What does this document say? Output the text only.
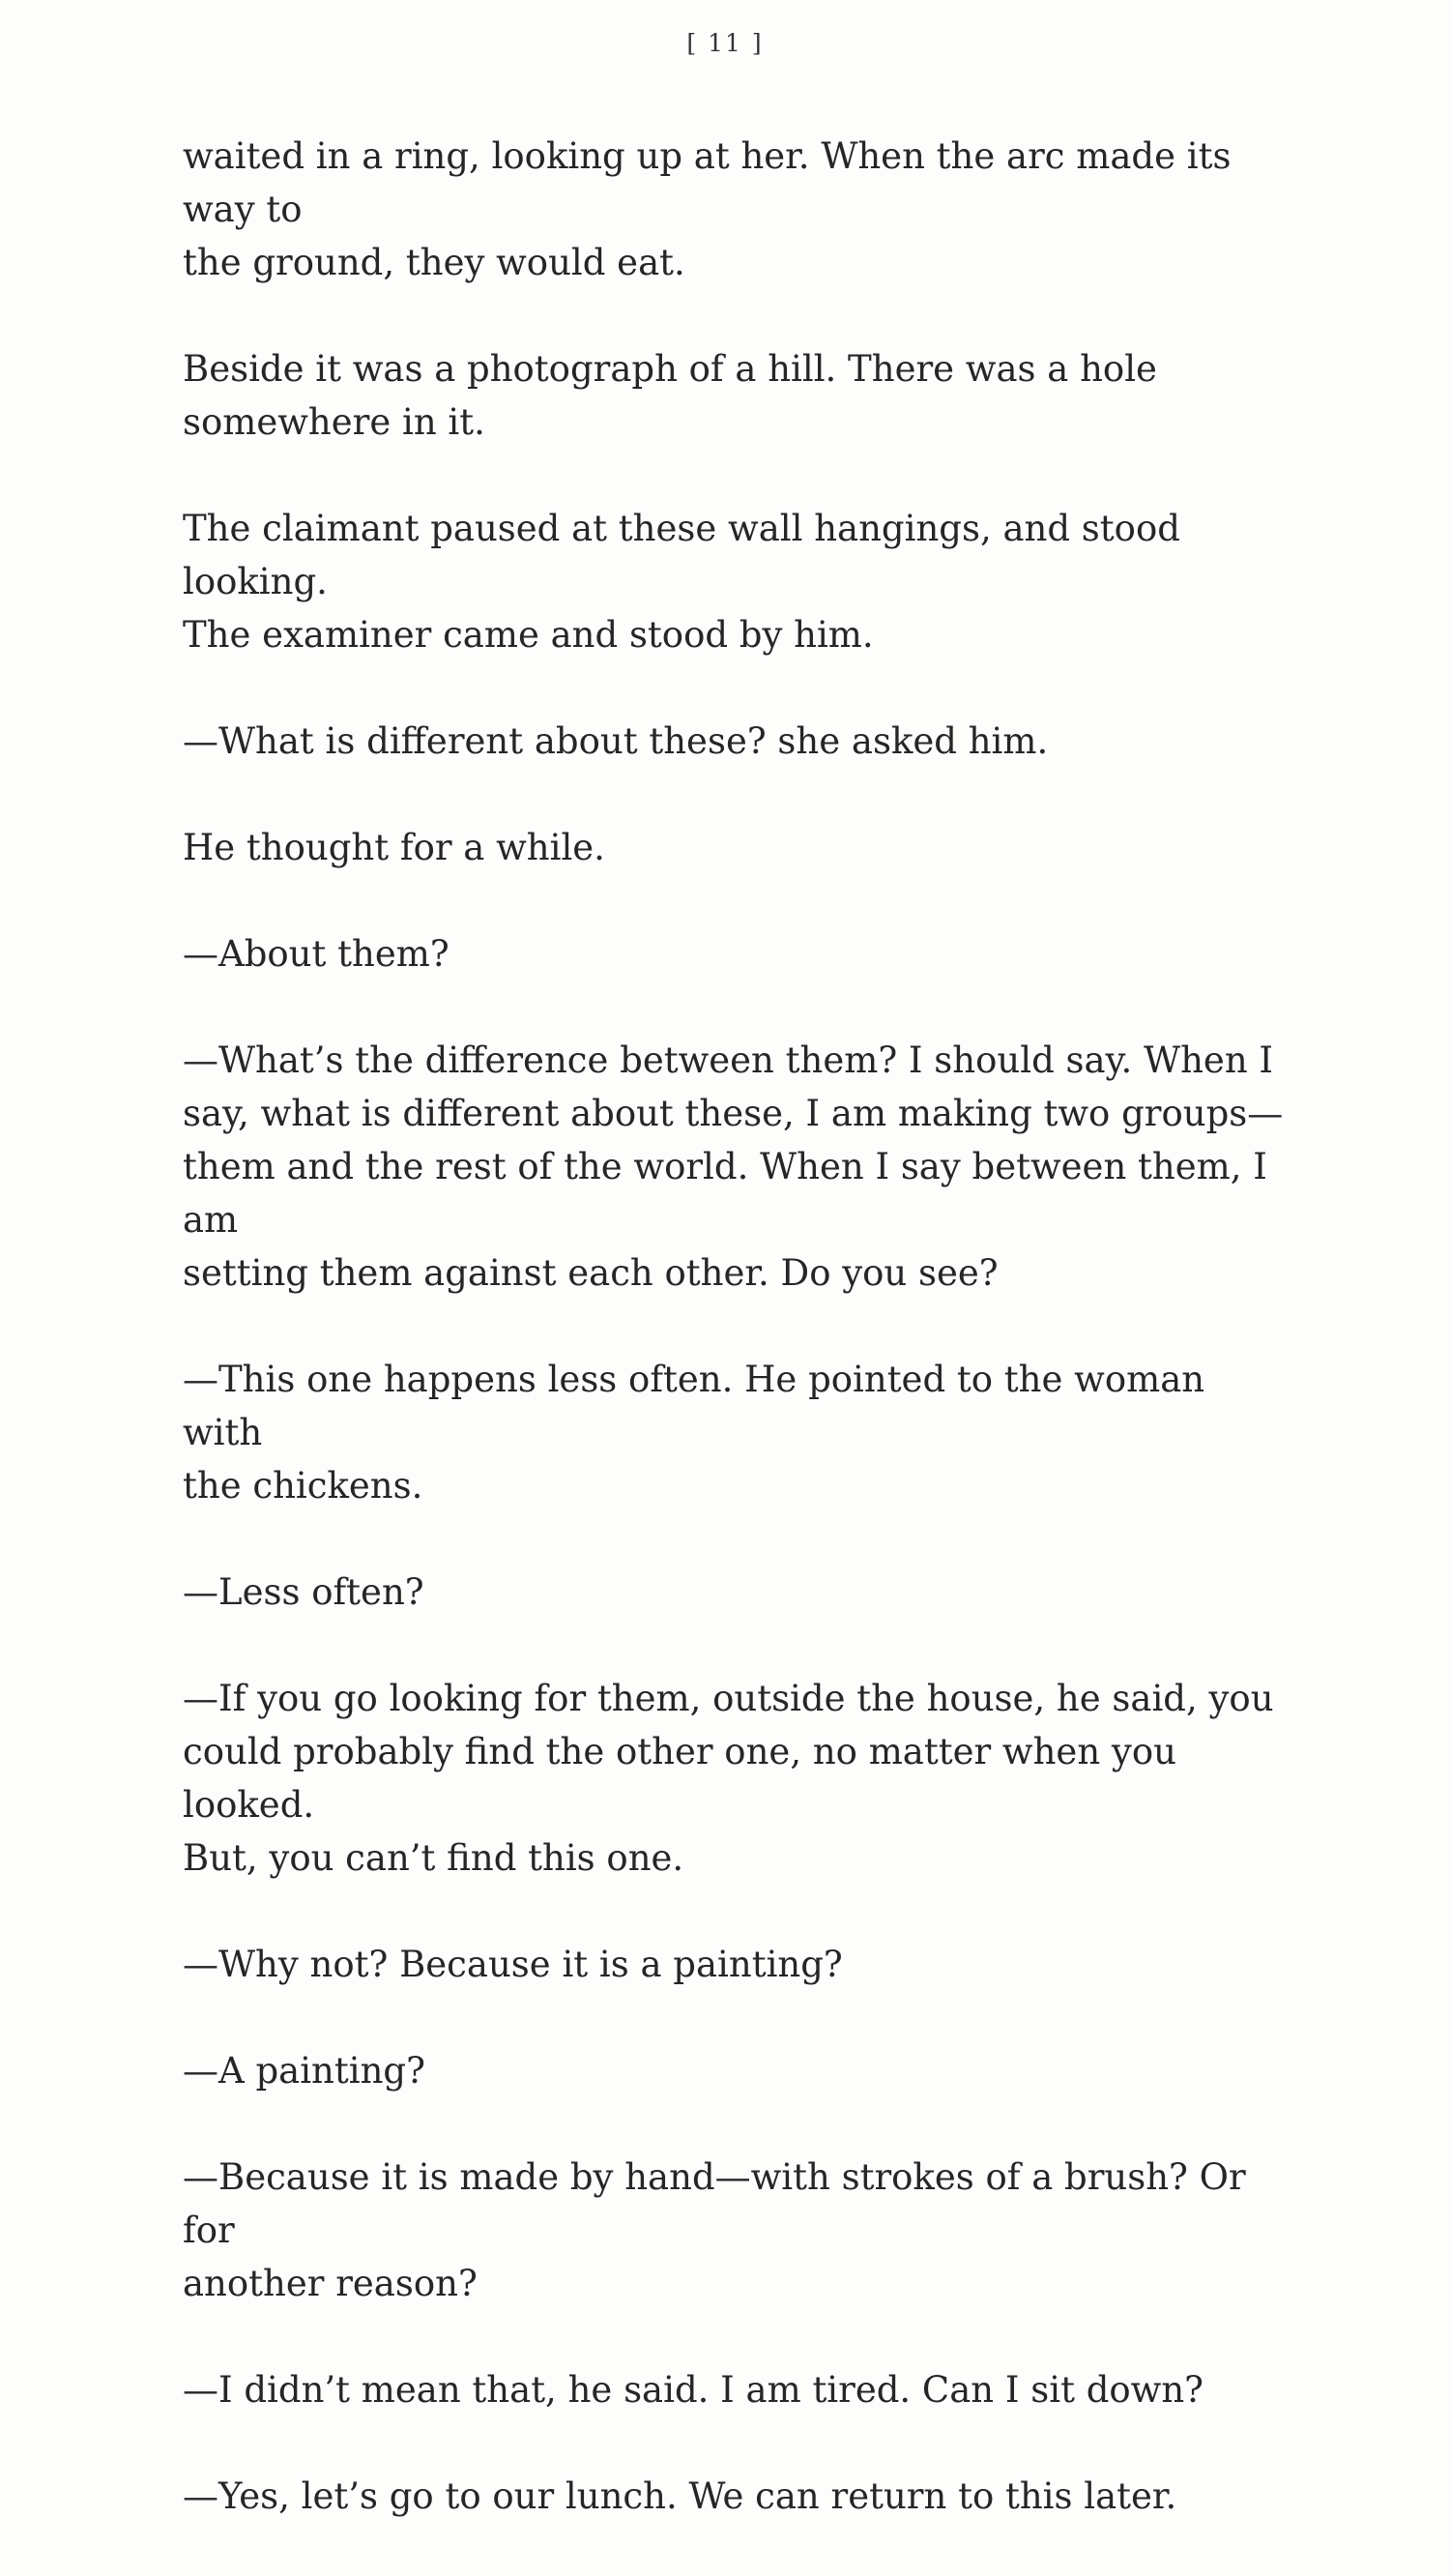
[ 11 ]

waited in a ring, looking up at her. When the arc made its way to
the ground, they would eat.

Beside it was a photograph of a hill. There was a hole
somewhere in it.

The claimant paused at these wall hangings, and stood looking.
The examiner came and stood by him.

—What is different about these? she asked him.

He thought for a while.

—About them?

—What’s the difference between them? I should say. When I
say, what is different about these, I am making two groups—
them and the rest of the world. When I say between them, I am
setting them against each other. Do you see?

—This one happens less often. He pointed to the woman with
the chickens.

—Less often?

—If you go looking for them, outside the house, he said, you
could probably find the other one, no matter when you looked.
But, you can’t find this one.

—Why not? Because it is a painting?

—A painting?

—Because it is made by hand—with strokes of a brush? Or for
another reason?

—I didn’t mean that, he said. I am tired. Can I sit down?

—Yes, let’s go to our lunch. We can return to this later.
